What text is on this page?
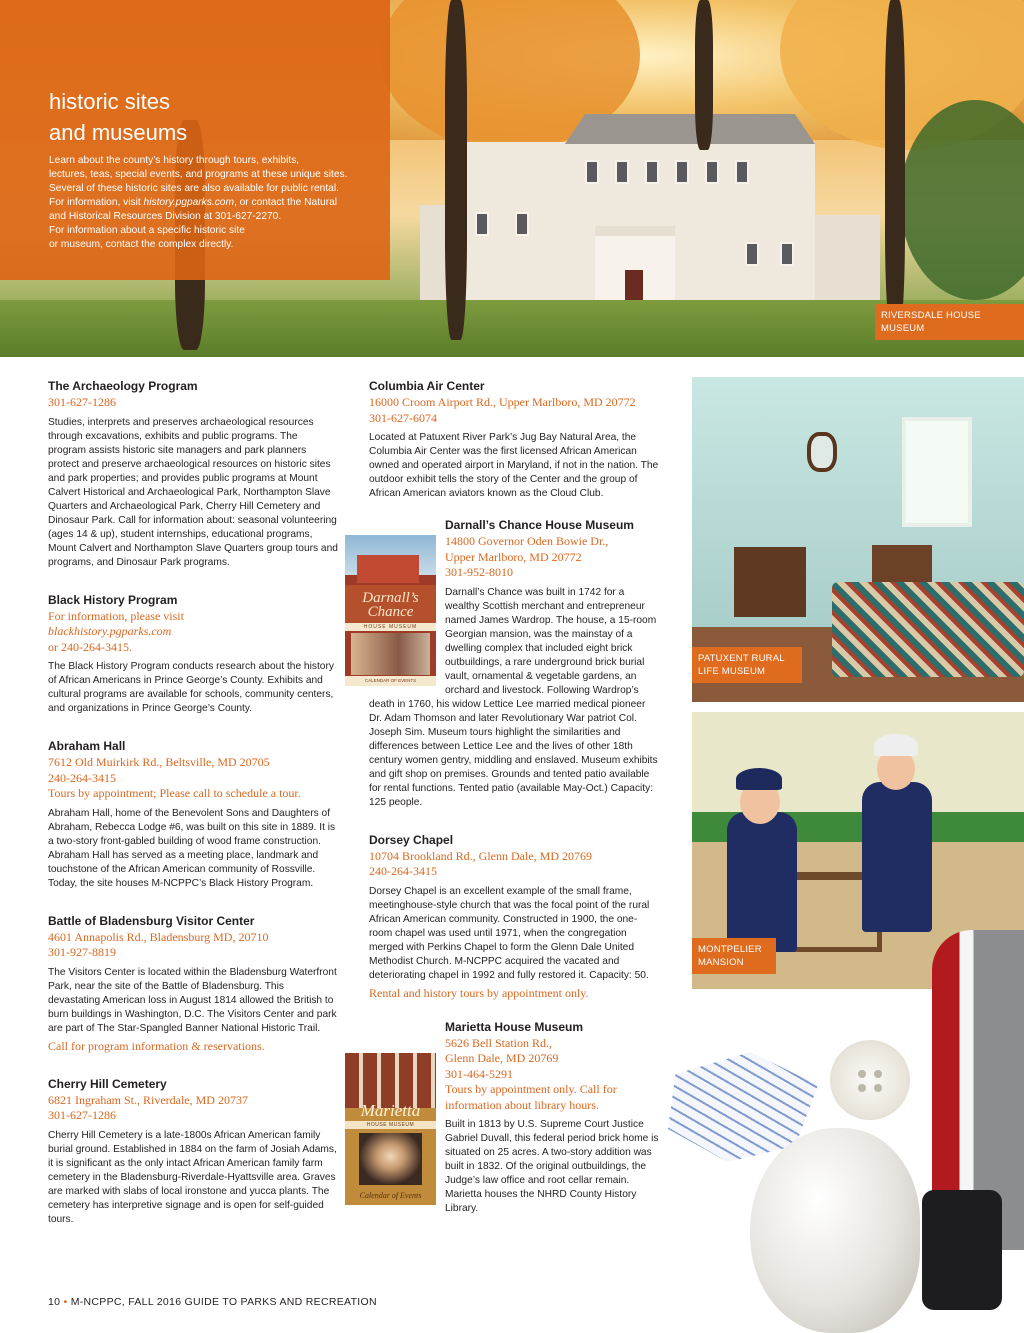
historic sites
and museums
Learn about the county’s history through tours, exhibits,
lectures, teas, special events, and programs at these unique sites.
Several of these historic sites are also available for public rental.
For information, visit history.pgparks.com, or contact the Natural
and Historical Resources Division at 301-627-2270.
For information about a specific historic site
or museum, contact the complex directly.
RIVERSDALE HOUSE MUSEUM
PATUXENT RURAL LIFE MUSEUM
MONTPELIER MANSION
The Archaeology Program
301-627-1286

Studies, interprets and preserves archaeological resources through excavations, exhibits and public programs. The program assists historic site managers and park planners protect and preserve archaeological resources on historic sites and park properties; and provides public programs at Mount Calvert Historical and Archaeological Park, Northampton Slave Quarters and Archaeological Park, Cherry Hill Cemetery and Dinosaur Park. Call for information about: seasonal volunteering (ages 14 & up), student internships, educational programs, Mount Calvert and Northampton Slave Quarters group tours and programs, and Dinosaur Park programs.

Black History Program
For information, please visit
blackhistory.pgparks.com
or 240-264-3415.

The Black History Program conducts research about the history of African Americans in Prince George’s County. Exhibits and cultural programs are available for schools, community centers, and organizations in Prince George’s County.

Abraham Hall
7612 Old Muirkirk Rd., Beltsville, MD 20705
240-264-3415
Tours by appointment; Please call to schedule a tour.

Abraham Hall, home of the Benevolent Sons and Daughters of Abraham, Rebecca Lodge #6, was built on this site in 1889. It is a two-story front-gabled building of wood frame construction. Abraham Hall has served as a meeting place, landmark and touchstone of the African American community of Rossville. Today, the site houses M-NCPPC’s Black History Program.

Battle of Bladensburg Visitor Center
4601 Annapolis Rd., Bladensburg MD, 20710
301-927-8819

The Visitors Center is located within the Bladensburg Waterfront Park, near the site of the Battle of Bladensburg. This devastating American loss in August 1814 allowed the British to burn buildings in Washington, D.C. The Visitors Center and park are part of The Star-Spangled Banner National Historic Trail.

Call for program information & reservations.

Cherry Hill Cemetery
6821 Ingraham St., Riverdale, MD 20737
301-627-1286

Cherry Hill Cemetery is a late-1800s African American family burial ground. Established in 1884 on the farm of Josiah Adams, it is significant as the only intact African American family farm cemetery in the Bladensburg-Riverdale-Hyattsville area. Graves are marked with slabs of local ironstone and yucca plants. The cemetery has interpretive signage and is open for self-guided tours.

Columbia Air Center
16000 Croom Airport Rd., Upper Marlboro, MD 20772
301-627-6074

Located at Patuxent River Park’s Jug Bay Natural Area, the Columbia Air Center was the first licensed African American owned and operated airport in Maryland, if not in the nation. The outdoor exhibit tells the story of the Center and the group of African American aviators known as the Cloud Club.

Darnall’s Chance House Museum
14800 Governor Oden Bowie Dr.,
Upper Marlboro, MD 20772
301-952-8010

Darnall’s Chance was built in 1742 for a wealthy Scottish merchant and entrepreneur named James Wardrop. The house, a 15-room Georgian mansion, was the mainstay of a dwelling complex that included eight brick outbuildings, a rare underground brick burial vault, ornamental & vegetable gardens, an orchard and livestock. Following Wardrop’s death in 1760, his widow Lettice Lee married medical pioneer Dr. Adam Thomson and later Revolutionary War patriot Col. Joseph Sim. Museum tours highlight the similarities and differences between Lettice Lee and the lives of other 18th century women gentry, middling and enslaved. Museum exhibits and gift shop on premises. Grounds and tented patio available for rental functions. Tented patio (available May-Oct.) Capacity: 125 people.

Dorsey Chapel
10704 Brookland Rd., Glenn Dale, MD 20769
240-264-3415

Dorsey Chapel is an excellent example of the small frame, meetinghouse-style church that was the focal point of the rural African American community. Constructed in 1900, the one-room chapel was used until 1971, when the congregation merged with Perkins Chapel to form the Glenn Dale United Methodist Church. M-NCPPC acquired the vacated and deteriorating chapel in 1992 and fully restored it. Capacity: 50.

Rental and history tours by appointment only.

Marietta House Museum
5626 Bell Station Rd.,
Glenn Dale, MD 20769
301-464-5291
Tours by appointment only. Call for information about library hours.

Built in 1813 by U.S. Supreme Court Justice Gabriel Duvall, this federal period brick home is situated on 25 acres. A two-story addition was built in 1832. Of the original outbuildings, the Judge’s law office and root cellar remain. Marietta houses the NHRD County History Library.

Darnall’s Chance
HOUSE MUSEUM
CALENDAR OF EVENTS
Marietta
HOUSE MUSEUM
Calendar of Events
10 • M-NCPPC, FALL 2016 GUIDE TO PARKS AND RECREATION
